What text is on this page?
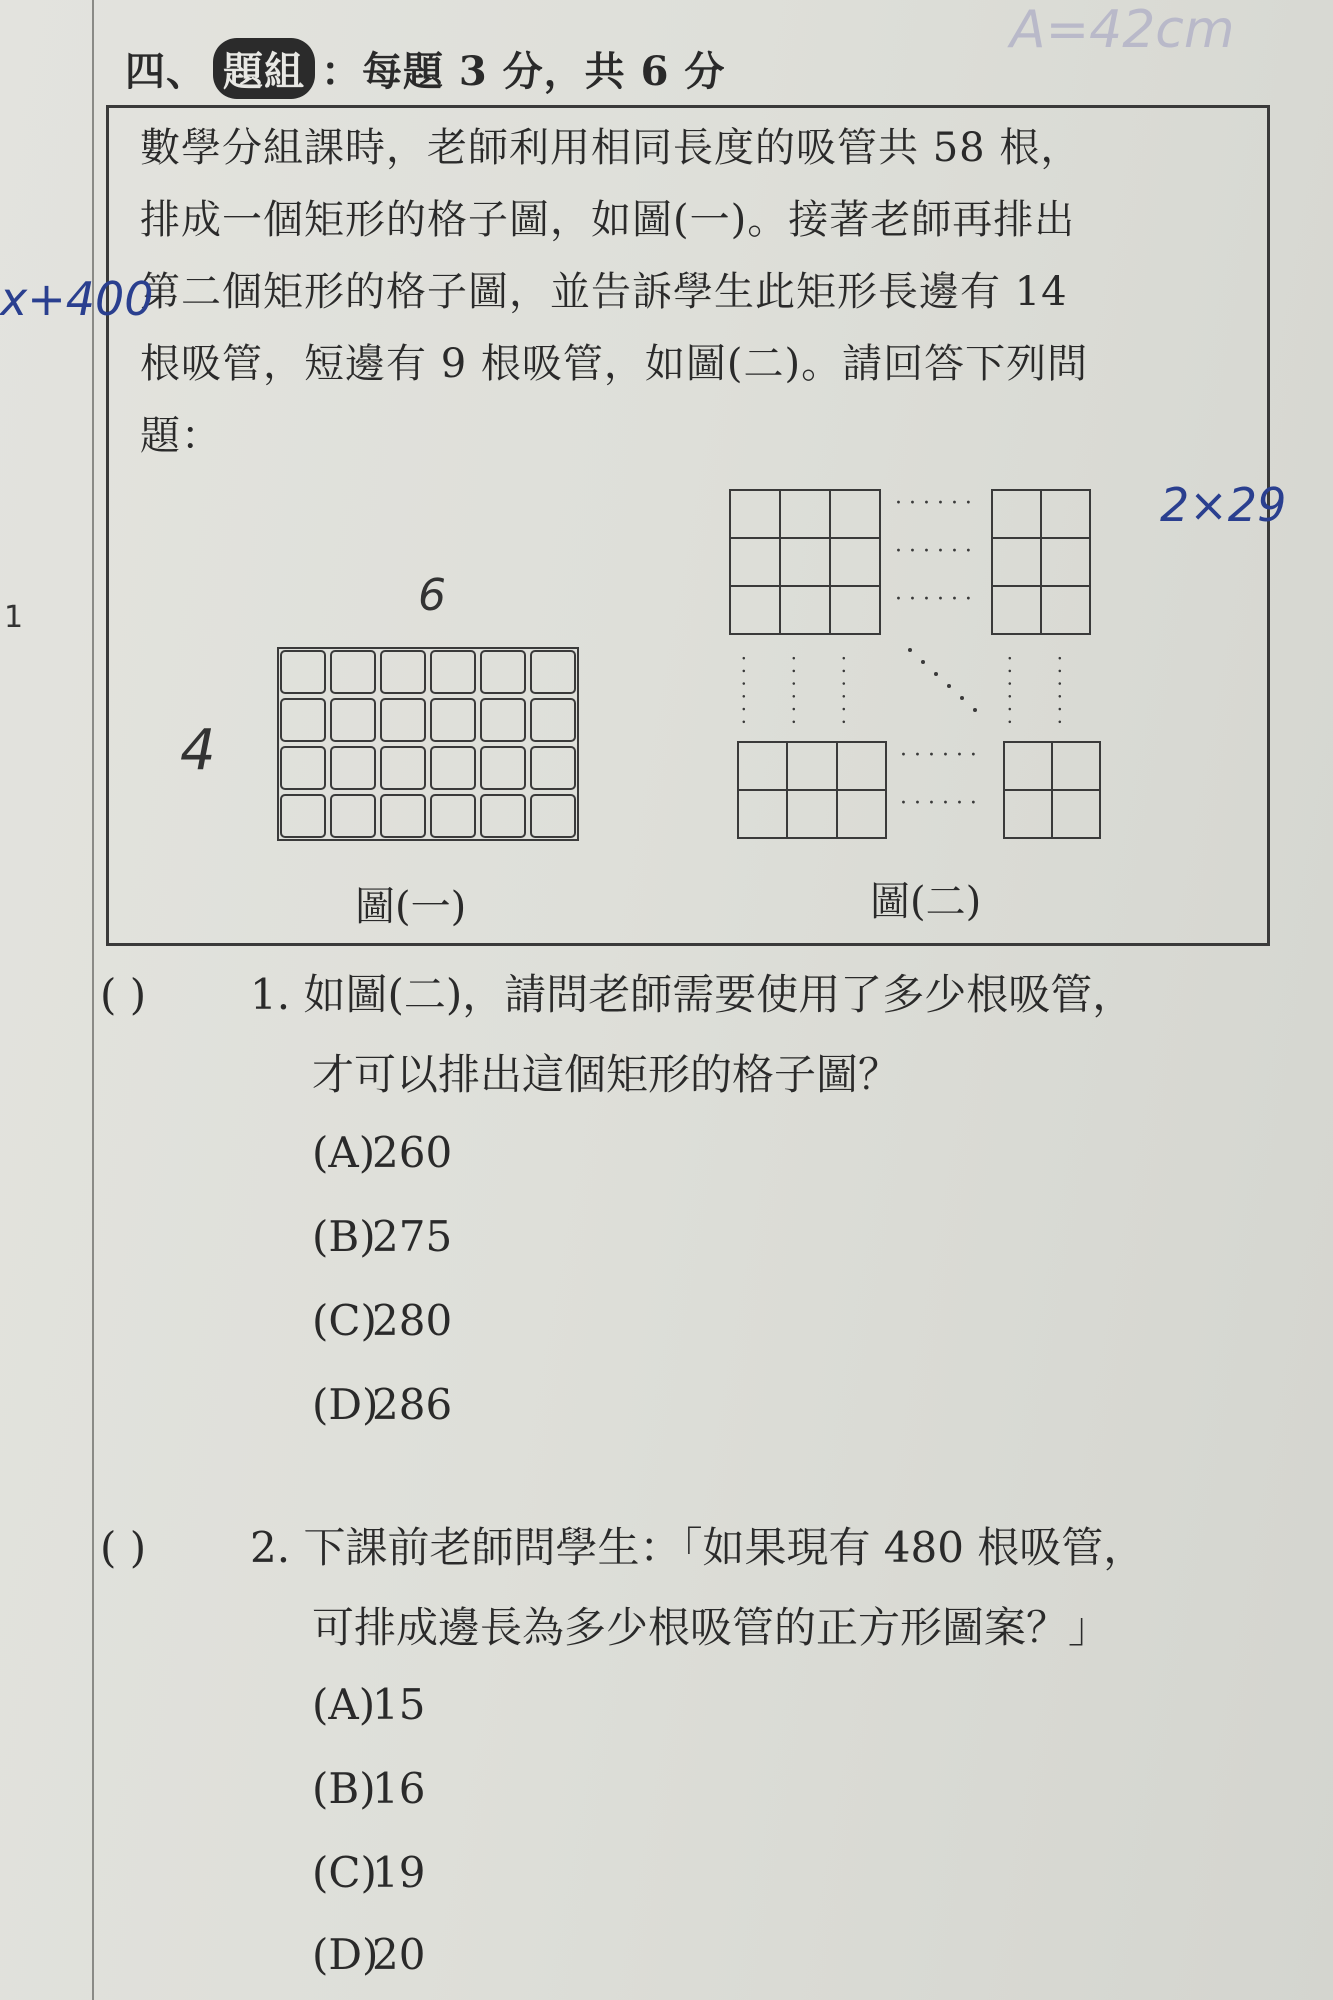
四、 題組 ：每題 3 分，共 6 分
數學分組課時，老師利用相同長度的吸管共 58 根，
排成一個矩形的格子圖，如圖(一)。接著老師再排出
第二個矩形的格子圖，並告訴學生此矩形長邊有 14
根吸管，短邊有 9 根吸管，如圖(二)。請回答下列問
題：
· · · · · ·
· · · · · ·
· · · · · ·
· · · · · ·
· · · · · ·
· · · · · · · · · · · · · · · · · ·	· · · · · · · · · · · ·
圖(一)	圖(二)
( ) 1. 如圖(二)，請問老師需要使用了多少根吸管，
才可以排出這個矩形的格子圖？
(A)260
(B)275
(C)280
(D)286
( ) 2. 下課前老師問學生：「如果現有 480 根吸管，
可排成邊長為多少根吸管的正方形圖案？」
(A)15
(B)16
(C)19
(D)20
A=42cm
x+400
6
4
2×29
1
